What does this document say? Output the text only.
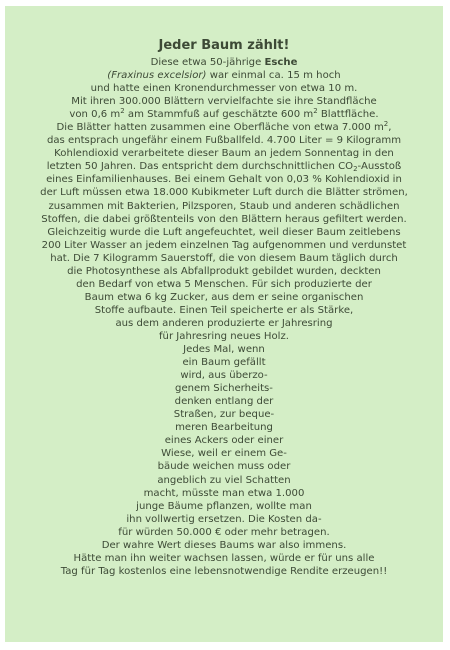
Jeder Baum zählt!
Diese etwa 50-jährige Esche
(Fraxinus excelsior) war einmal ca. 15 m hoch
und hatte einen Kronendurchmesser von etwa 10 m.
Mit ihren 300.000 Blättern vervielfachte sie ihre Standfläche
von 0,6 $m^2$ am Stammfuß auf geschätzte 600 $m^2$ Blattfläche.
Die Blätter hatten zusammen eine Oberfläche von etwa 7.000 $m^2$,
das entsprach ungefähr einem Fußballfeld. 4.700 Liter = 9 Kilogramm
Kohlendioxid verarbeitete dieser Baum an jedem Sonnentag in den
letzten 50 Jahren. Das entspricht dem durchschnittlichen $CO_2$-Ausstoß
eines Einfamilienhauses. Bei einem Gehalt von 0,03 % Kohlendioxid in
der Luft müssen etwa 18.000 Kubikmeter Luft durch die Blätter strömen,
zusammen mit Bakterien, Pilzsporen, Staub und anderen schädlichen
Stoffen, die dabei größtenteils von den Blättern heraus gefiltert werden.
Gleichzeitig wurde die Luft angefeuchtet, weil dieser Baum zeitlebens
200 Liter Wasser an jedem einzelnen Tag aufgenommen und verdunstet
hat. Die 7 Kilogramm Sauerstoff, die von diesem Baum täglich durch
die Photosynthese als Abfallprodukt gebildet wurden, deckten
den Bedarf von etwa 5 Menschen. Für sich produzierte der
Baum etwa 6 kg Zucker, aus dem er seine organischen
Stoffe aufbaute. Einen Teil speicherte er als Stärke,
aus dem anderen produzierte er Jahresring
für Jahresring neues Holz.
Jedes Mal, wenn
ein Baum gefällt
wird, aus überzo-
genem Sicherheits-
denken entlang der
Straßen, zur beque-
meren Bearbeitung
eines Ackers oder einer
Wiese, weil er einem Ge-
bäude weichen muss oder
angeblich zu viel Schatten
macht, müsste man etwa 1.000
junge Bäume pflanzen, wollte man
ihn vollwertig ersetzen. Die Kosten da-
für würden 50.000 € oder mehr betragen.
Der wahre Wert dieses Baums war also immens.
Hätte man ihn weiter wachsen lassen, würde er für uns alle
Tag für Tag kostenlos eine lebensnotwendige Rendite erzeugen!!
